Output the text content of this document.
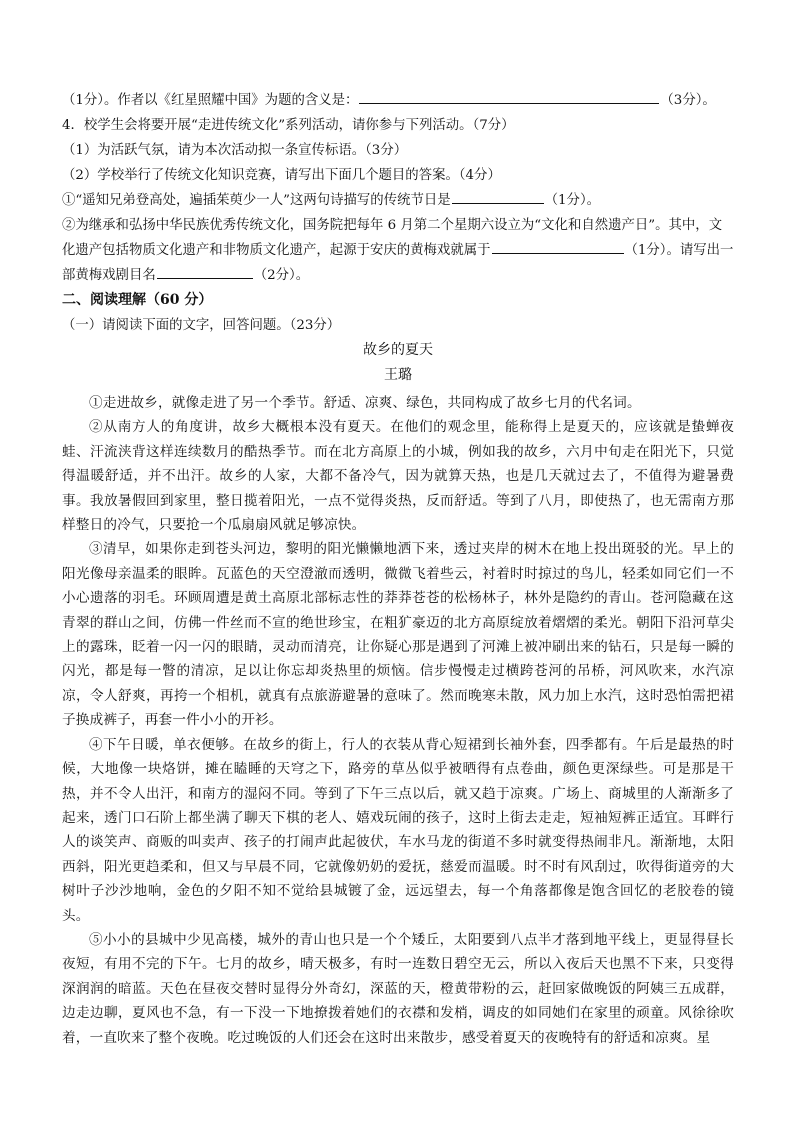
（1分）。作者以《红星照耀中国》为题的含义是：	（3分）。
4．校学生会将要开展“走进传统文化”系列活动，请你参与下列活动。（7分）
（1）为活跃气氛，请为本次活动拟一条宣传标语。（3分）
（2）学校举行了传统文化知识竞赛，请写出下面几个题目的答案。（4分）
①“遥知兄弟登高处，遍插茱萸少一人”这两句诗描写的传统节日是	（1分）。
②为继承和弘扬中华民族优秀传统文化，国务院把每年 6 月第二个星期六设立为“文化和自然遗产日”。其中，文化遗产包括物质文化遗产和非物质文化遗产，起源于安庆的黄梅戏就属于	（1分）。请写出一部黄梅戏剧目名	（2分）。
二、阅读理解（60 分）
（一）请阅读下面的文字，回答问题。（23分）
故乡的夏天
王璐

①走进故乡，就像走进了另一个季节。舒适、凉爽、绿色，共同构成了故乡七月的代名词。

②从南方人的角度讲，故乡大概根本没有夏天。在他们的观念里，能称得上是夏天的，应该就是蛰蝉夜蛙、汗流浃背这样连续数月的酷热季节。而在北方高原上的小城，例如我的故乡，六月中旬走在阳光下，只觉得温暖舒适，并不出汗。故乡的人家，大都不备冷气，因为就算天热，也是几天就过去了，不值得为避暑费事。我放暑假回到家里，整日揽着阳光，一点不觉得炎热，反而舒适。等到了八月，即使热了，也无需南方那样整日的冷气，只要抢一个瓜扇扇风就足够凉快。

③清早，如果你走到苍头河边，黎明的阳光懒懒地洒下来，透过夹岸的树木在地上投出斑驳的光。早上的阳光像母亲温柔的眼眸。瓦蓝色的天空澄澈而透明，微微飞着些云，衬着时时掠过的鸟儿，轻柔如同它们一不小心遗落的羽毛。环顾周遭是黄土高原北部标志性的莽莽苍苍的松杨林子，林外是隐约的青山。苍河隐藏在这青翠的群山之间，仿佛一件丝而不宣的绝世珍宝，在粗犷豪迈的北方高原绽放着熠熠的柔光。朝阳下沿河草尖上的露珠，眨着一闪一闪的眼睛，灵动而清亮，让你疑心那是遇到了河滩上被冲刷出来的钻石，只是每一瞬的闪光，都是每一瞥的清凉，足以让你忘却炎热里的烦恼。信步慢慢走过横跨苍河的吊桥，河风吹来，水汽凉凉，令人舒爽，再挎一个相机，就真有点旅游避暑的意味了。然而晚寒未散，风力加上水汽，这时恐怕需把裙子换成裤子，再套一件小小的开衫。

④下午日暖，单衣便够。在故乡的街上，行人的衣装从背心短裙到长袖外套，四季都有。午后是最热的时候，大地像一块烙饼，摊在瞌睡的天穹之下，路旁的草丛似乎被晒得有点卷曲，颜色更深绿些。可是那是干热，并不令人出汗，和南方的湿闷不同。等到了下午三点以后，就又趋于凉爽。广场上、商城里的人渐渐多了起来，透门口石阶上都坐满了聊天下棋的老人、嬉戏玩闹的孩子，这时上街去走走，短袖短裤正适宜。耳畔行人的谈笑声、商贩的叫卖声、孩子的打闹声此起彼伏，车水马龙的街道不多时就变得热闹非凡。渐渐地，太阳西斜，阳光更趋柔和，但又与早晨不同，它就像奶奶的爱抚，慈爱而温暖。时不时有风刮过，吹得街道旁的大树叶子沙沙地响，金色的夕阳不知不觉给县城镀了金，远远望去，每一个角落都像是饱含回忆的老胶卷的镜头。

⑤小小的县城中少见高楼，城外的青山也只是一个个矮丘，太阳要到八点半才落到地平线上，更显得昼长夜短，有用不完的下午。七月的故乡，晴天极多，有时一连数日碧空无云，所以入夜后天也黑不下来，只变得深润润的暗蓝。天色在昼夜交替时显得分外奇幻，深蓝的天，橙黄带粉的云，赶回家做晚饭的阿姨三五成群，边走边聊，夏风也不急，有一下没一下地撩拨着她们的衣襟和发梢，调皮的如同她们在家里的顽童。风徐徐吹着，一直吹来了整个夜晚。吃过晚饭的人们还会在这时出来散步，感受着夏天的夜晚特有的舒适和凉爽。星
